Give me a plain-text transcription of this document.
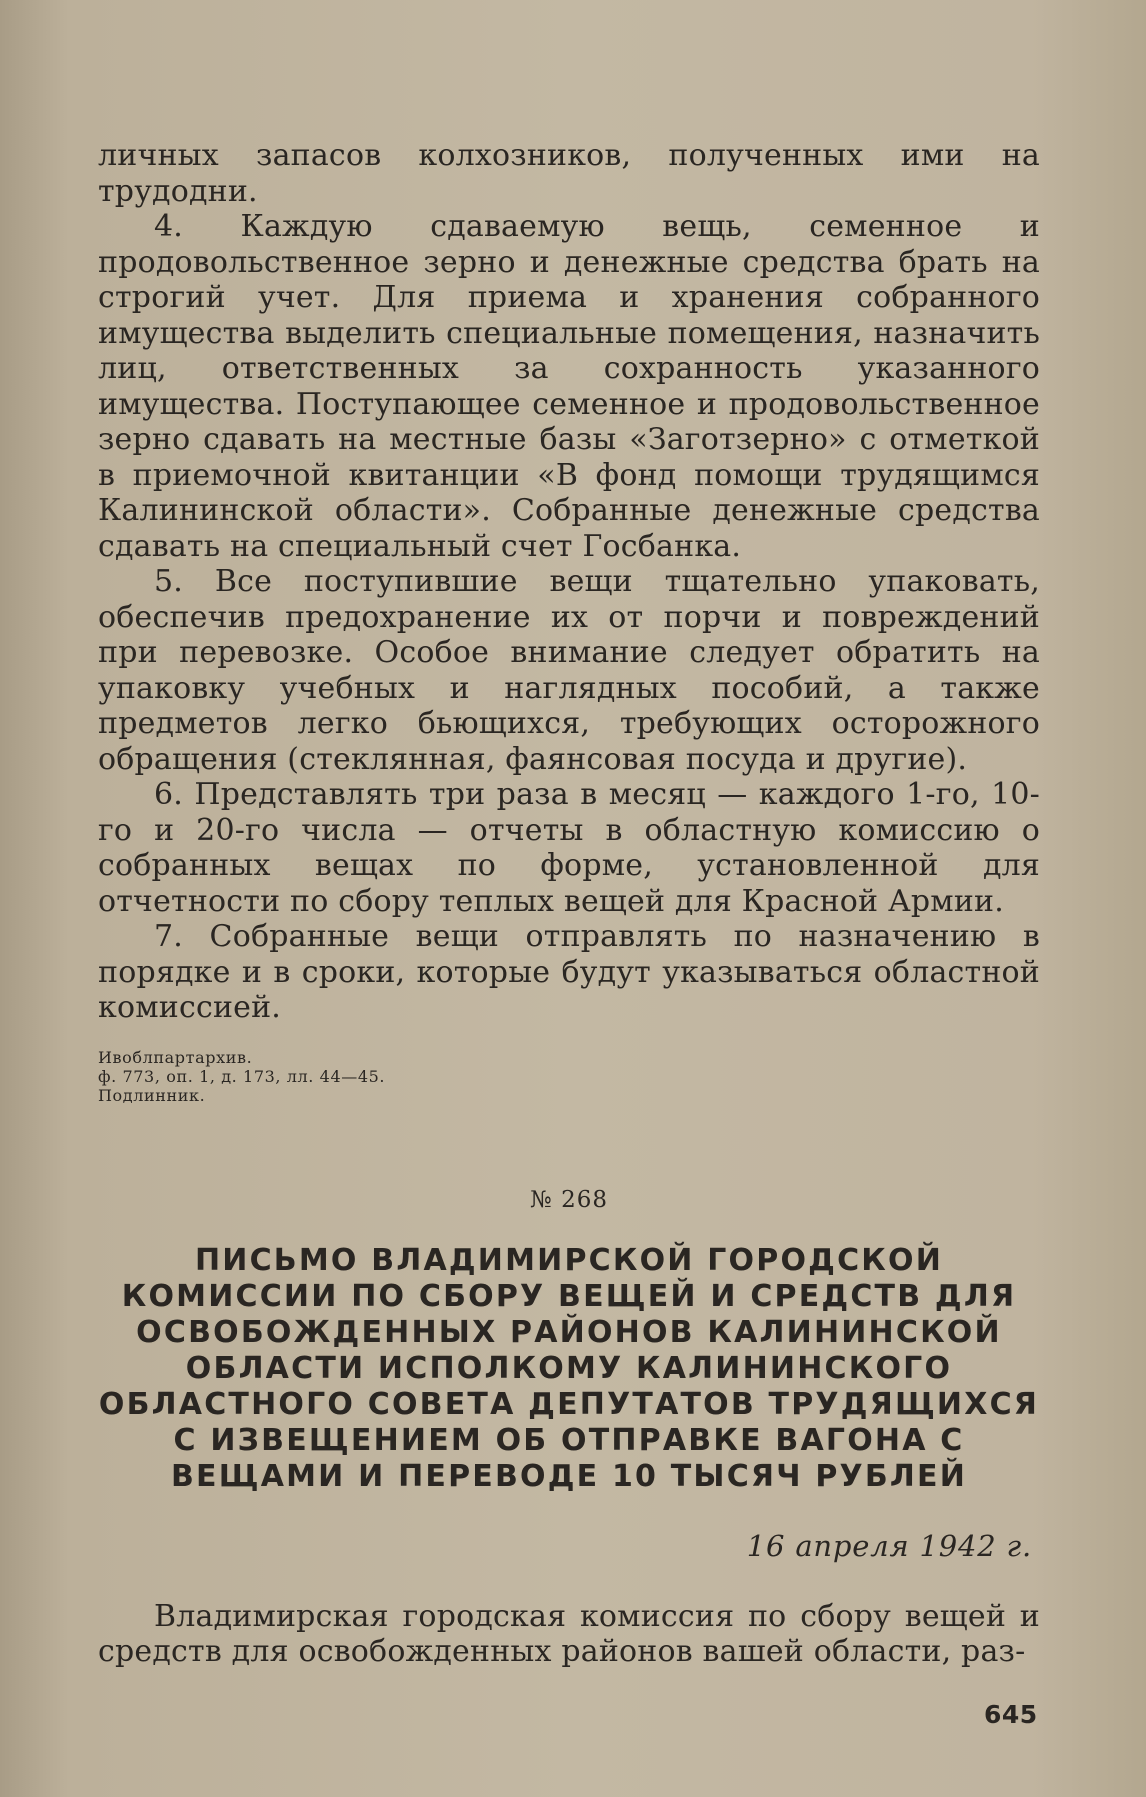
личных запасов колхозников, полученных ими на трудодни.

4. Каждую сдаваемую вещь, семенное и продовольственное зерно и денежные средства брать на строгий учет. Для приема и хранения собранного имущества выделить специальные помещения, назначить лиц, ответственных за сохранность указанного имущества. Поступающее семенное и продовольственное зерно сдавать на местные базы «Заготзерно» с отметкой в приемочной квитанции «В фонд помощи трудящимся Калининской области». Собранные денежные средства сдавать на специальный счет Госбанка.

5. Все поступившие вещи тщательно упаковать, обеспечив предохранение их от порчи и повреждений при перевозке. Особое внимание следует обратить на упаковку учебных и наглядных пособий, а также предметов легко бьющихся, требующих осторожного обращения (стеклянная, фаянсовая посуда и другие).

6. Представлять три раза в месяц — каждого 1-го, 10-го и 20-го числа — отчеты в областную комиссию о собранных вещах по форме, установленной для отчетности по сбору теплых вещей для Красной Армии.

7. Собранные вещи отправлять по назначению в порядке и в сроки, которые будут указываться областной комиссией.

Ивоблпартархив.
ф. 773, оп. 1, д. 173, лл. 44—45.
Подлинник.
№ 268
ПИСЬМО ВЛАДИМИРСКОЙ ГОРОДСКОЙ КОМИССИИ ПО СБОРУ ВЕЩЕЙ И СРЕДСТВ ДЛЯ ОСВОБОЖДЕННЫХ РАЙОНОВ КАЛИНИНСКОЙ ОБЛАСТИ ИСПОЛКОМУ КАЛИНИНСКОГО ОБЛАСТНОГО СОВЕТА ДЕПУТАТОВ ТРУДЯЩИХСЯ С ИЗВЕЩЕНИЕМ ОБ ОТПРАВКЕ ВАГОНА С ВЕЩАМИ И ПЕРЕВОДЕ 10 ТЫСЯЧ РУБЛЕЙ
16 апреля 1942 г.

Владимирская городская комиссия по сбору вещей и средств для освобожденных районов вашей области, раз-

645
